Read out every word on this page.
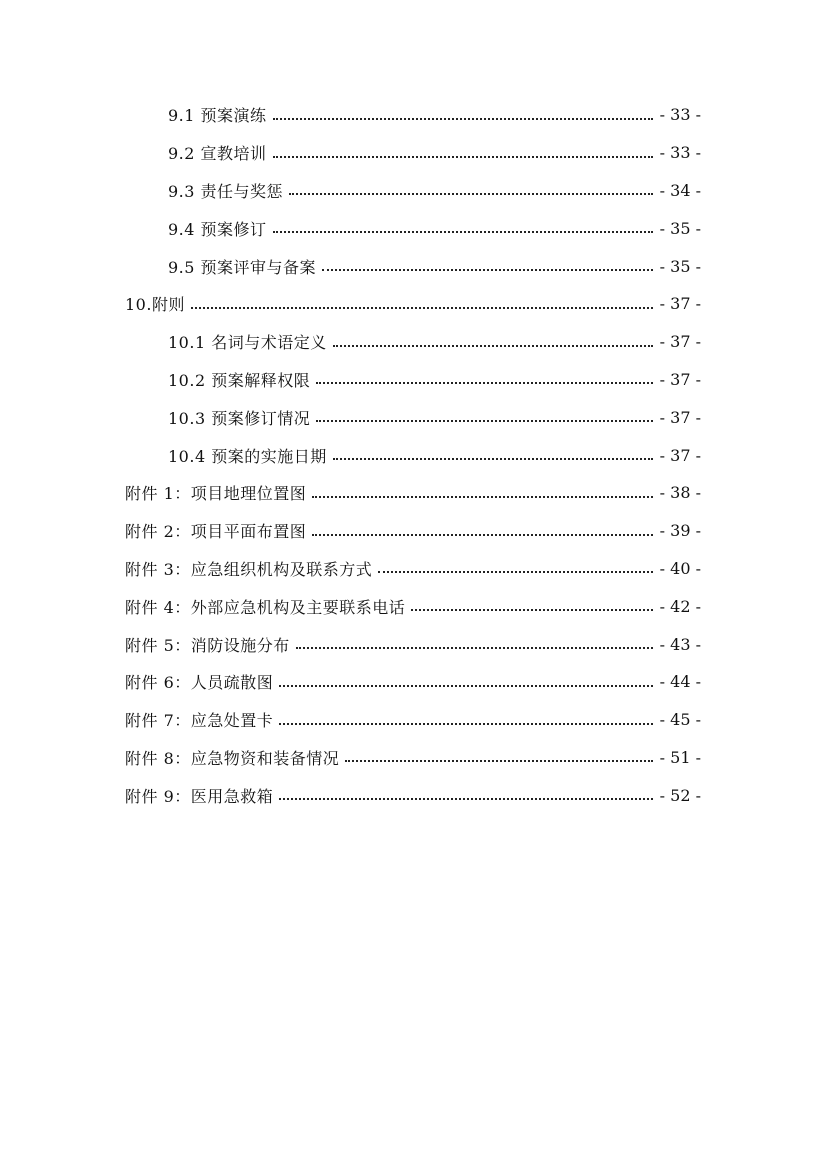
9.1 预案演练	- 33 -
9.2 宣教培训	- 33 -
9.3 责任与奖惩	- 34 -
9.4 预案修订	- 35 -
9.5 预案评审与备案	- 35 -
10.附则	- 37 -
10.1 名词与术语定义	- 37 -
10.2 预案解释权限	- 37 -
10.3 预案修订情况	- 37 -
10.4 预案的实施日期	- 37 -
附件 1：项目地理位置图	- 38 -
附件 2：项目平面布置图	- 39 -
附件 3：应急组织机构及联系方式	- 40 -
附件 4：外部应急机构及主要联系电话	- 42 -
附件 5：消防设施分布	- 43 -
附件 6：人员疏散图	- 44 -
附件 7：应急处置卡	- 45 -
附件 8：应急物资和装备情况	- 51 -
附件 9：医用急救箱	- 52 -
